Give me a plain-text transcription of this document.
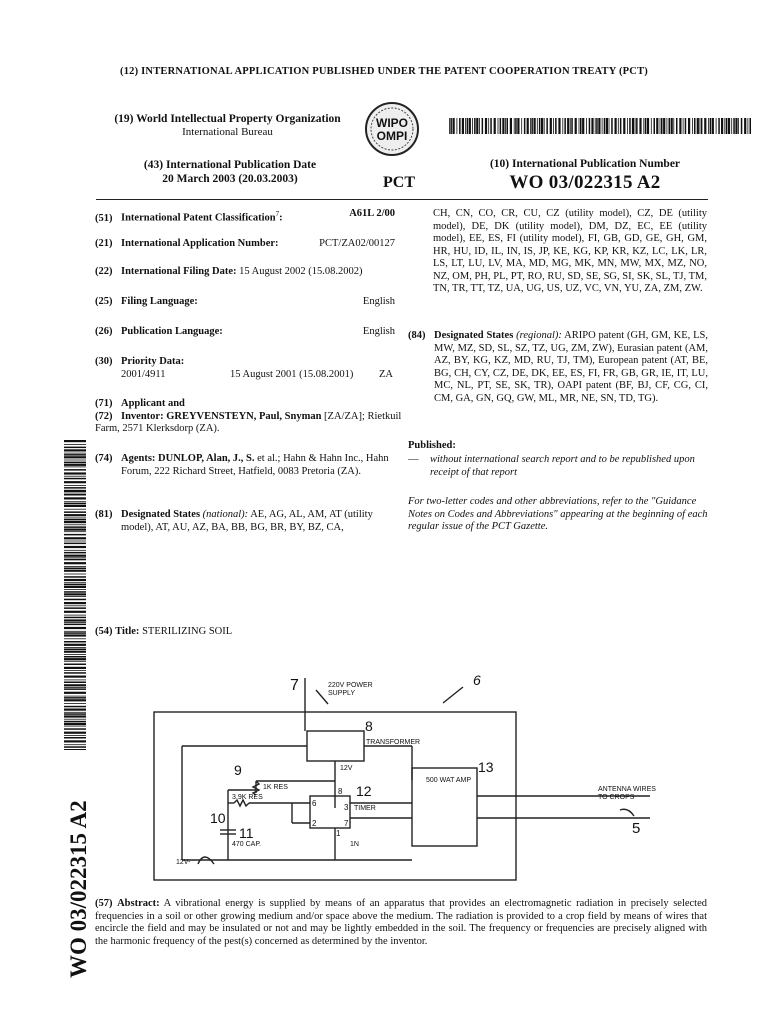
(12) INTERNATIONAL APPLICATION PUBLISHED UNDER THE PATENT COOPERATION TREATY (PCT)
(19) World Intellectual Property Organization
International Bureau
WIPO
OMPI
(43) International Publication Date
20 March 2003 (20.03.2003)	PCT
(10) International Publication Number
WO 03/022315 A2
(51) International Patent Classification$^7$:	A61L 2/00
(21) International Application Number:	PCT/ZA02/00127
(22) International Filing Date: 15 August 2002 (15.08.2002)
(25) Filing Language:	English
(26) Publication Language:	English
(30) Priority Data:
2001/4911	15 August 2001 (15.08.2001) ZA
(71) Applicant and
(72) Inventor: GREYVENSTEYN, Paul, Snyman [ZA/ZA]; Rietkuil Farm, 2571 Klerksdorp (ZA).
(74) Agents: DUNLOP, Alan, J., S. et al.; Hahn & Hahn Inc., Hahn Forum, 222 Richard Street, Hatfield, 0083 Pretoria (ZA).
(81) Designated States (national): AE, AG, AL, AM, AT (utility model), AT, AU, AZ, BA, BB, BG, BR, BY, BZ, CA,
CH, CN, CO, CR, CU, CZ (utility model), CZ, DE (utility model), DE, DK (utility model), DM, DZ, EC, EE (utility model), EE, ES, FI (utility model), FI, GB, GD, GE, GH, GM, HR, HU, ID, IL, IN, IS, JP, KE, KG, KP, KR, KZ, LC, LK, LR, LS, LT, LU, LV, MA, MD, MG, MK, MN, MW, MX, MZ, NO, NZ, OM, PH, PL, PT, RO, RU, SD, SE, SG, SI, SK, SL, TJ, TM, TN, TR, TT, TZ, UA, UG, US, UZ, VC, VN, YU, ZA, ZM, ZW.
(84) Designated States (regional): ARIPO patent (GH, GM, KE, LS, MW, MZ, SD, SL, SZ, TZ, UG, ZM, ZW), Eurasian patent (AM, AZ, BY, KG, KZ, MD, RU, TJ, TM), European patent (AT, BE, BG, CH, CY, CZ, DE, DK, EE, ES, FI, FR, GB, GR, IE, IT, LU, MC, NL, PT, SE, SK, TR), OAPI patent (BF, BJ, CF, CG, CI, CM, GA, GN, GQ, GW, ML, MR, NE, SN, TD, TG).
Published:
— without international search report and to be republished upon receipt of that report
For two-letter codes and other abbreviations, refer to the "Guidance Notes on Codes and Abbreviations" appearing at the beginning of each regular issue of the PCT Gazette.
WO 03/022315 A2
(54) Title: STERILIZING SOIL
7	220V POWER
SUPPLY
6
8
TRANSFORMER
12V
9
1K RES
3.9K RES
10
11
470 CAP.
12
TIMER
8
6	3
2	7
1
1N
13
500 WAT AMP
ANTENNA WIRES
TO CROPS
5
12V-
(57) Abstract: A vibrational energy is supplied by means of an apparatus that provides an electromagnetic radiation in precisely selected frequencies in a soil or other growing medium and/or space above the medium. The radiation is provided to a crop field by means of wires that encircle the field and may be insulated or not and may be lightly embedded in the soil. The frequency or frequencies are precisely aligned with the harmonic frequency of the pest(s) concerned as determined by the inventor.
